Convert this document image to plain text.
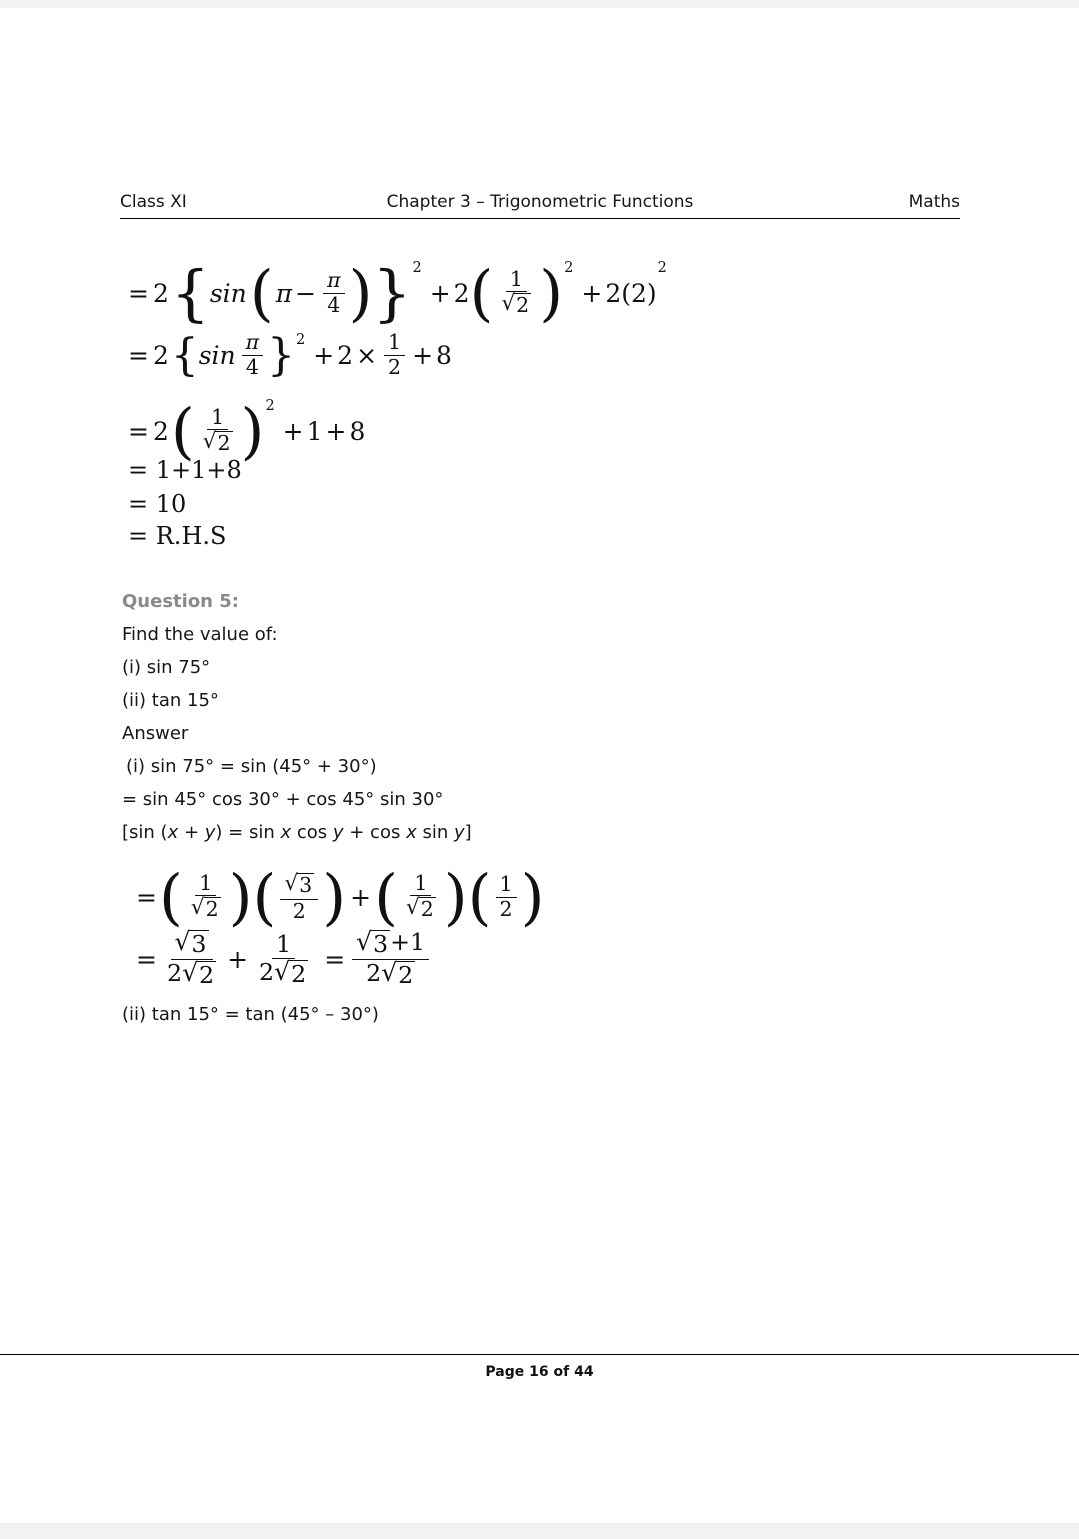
Class XI	Chapter 3 – Trigonometric Functions	Maths
= 2 { sin ( $\pi - \frac{\pi}{4}$ ) } 2
+ 2 ( $\frac{1}{√ 2}$ ) 2
+ 2 (2)
2
= 2 { $\sin \frac{\pi}{4}$ } 2
+ $2 \times \frac{1}{2} + 8$
= 2 ( $\frac{1}{√ 2}$ ) 2
+ 1 + 8
= 1+1+8
= 10
= R.H.S
Question 5:
Find the value of:
(i) sin 75°
(ii) tan 15°
Answer
(i) sin 75° = sin (45° + 30°)
= sin 45° cos 30° + cos 45° sin 30°
[sin (x + y) = sin x cos y + cos x sin y]
= ( $\frac{1}{√ 2}$ ) ( $\frac{√ 3}{2}$ ) + ( $\frac{1}{√ 2}$ ) ( $\frac{1}{2}$ )
= $\frac{√ 3}{2 √ 2} + \frac{1}{2 √ 2} = \frac{√ 3 +1}{2 √ 2}$
(ii) tan 15° = tan (45° – 30°)
Page 16 of 44
